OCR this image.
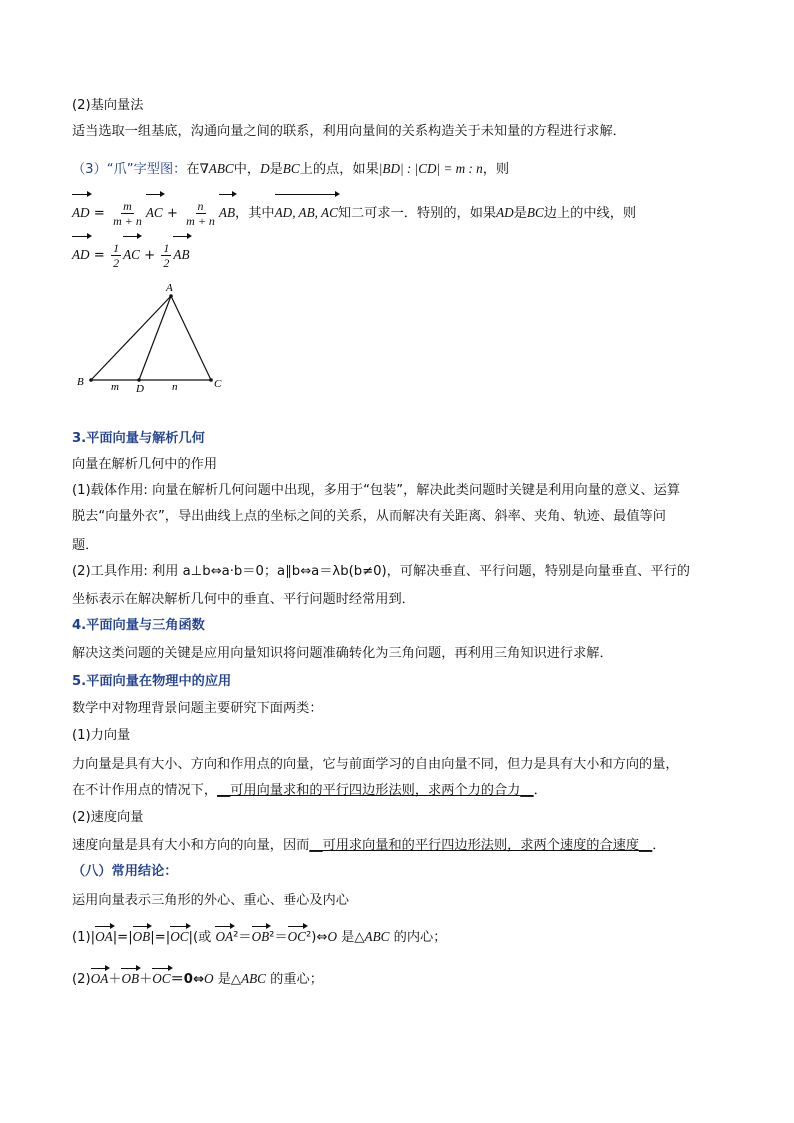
(2)基向量法
适当选取一组基底，沟通向量之间的联系，利用向量间的关系构造关于未知量的方程进行求解．
（3）“爪”字型图：在∇ABC中，D是BC上的点，如果|BD| : |CD| = m : n，则
AD = $\frac{m}{m + n}$ AC + $\frac{n}{m + n}$ AB，其中AD, AB, AC知二可求一．特别的，如果AD是BC边上的中线，则
AD = $\frac{1}{2}$ AC + $\frac{1}{2}$ AB
A
B	C
D
m	n
3.平面向量与解析几何
向量在解析几何中的作用
(1)载体作用: 向量在解析几何问题中出现，多用于“包装”，解决此类问题时关键是利用向量的意义、运算
脱去“向量外衣”，导出曲线上点的坐标之间的关系，从而解决有关距离、斜率、夹角、轨迹、最值等问
题．
(2)工具作用: 利用 a⊥b⇔a·b＝0；a∥b⇔a＝λb(b≠0)，可解决垂直、平行问题，特别是向量垂直、平行的
坐标表示在解决解析几何中的垂直、平行问题时经常用到．
4.平面向量与三角函数
解决这类问题的关键是应用向量知识将问题准确转化为三角问题，再利用三角知识进行求解．
5.平面向量在物理中的应用
数学中对物理背景问题主要研究下面两类：
(1)力向量
力向量是具有大小、方向和作用点的向量，它与前面学习的自由向量不同，但力是具有大小和方向的量，
在不计作用点的情况下，__可用向量求和的平行四边形法则，求两个力的合力__．
(2)速度向量
速度向量是具有大小和方向的向量，因而__可用求向量和的平行四边形法则，求两个速度的合速度__．
（八）常用结论：
运用向量表示三角形的外心、重心、垂心及内心
(1)|OA|=|OB|=|OC|(或 OA²＝OB²＝OC²)⇔O 是△ABC 的内心；
(2)OA＋OB＋OC＝0⇔O 是△ABC 的重心；
